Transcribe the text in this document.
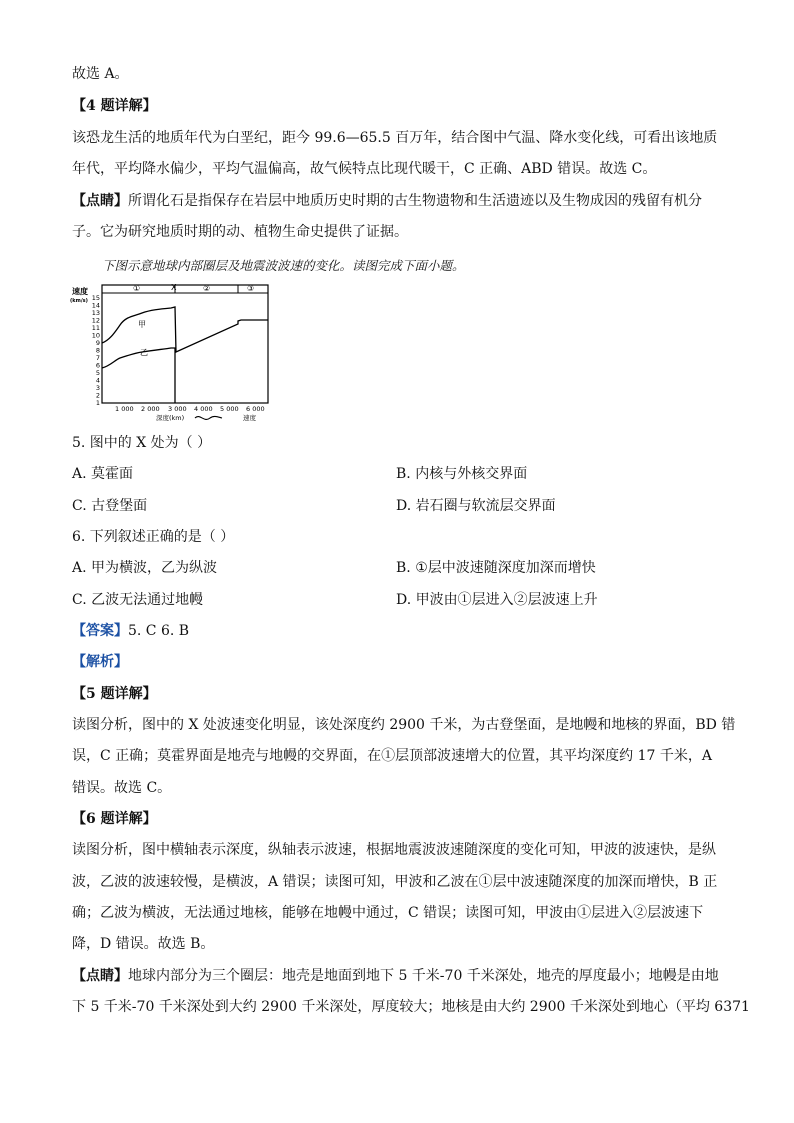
故选 A。
【4 题详解】
该恐龙生活的地质年代为白垩纪，距今 99.6—65.5 百万年，结合图中气温、降水变化线，可看出该地质
年代，平均降水偏少，平均气温偏高，故气候特点比现代暖干，C 正确、ABD 错误。故选 C。
【点睛】所谓化石是指保存在岩层中地质历史时期的古生物遗物和生活遗迹以及生物成因的残留有机分
子。它为研究地质时期的动、植物生命史提供了证据。
下图示意地球内部圈层及地震波波速的变化。读图完成下面小题。
速度
(km/s)
①	X	②	③
15
14
13
12
11
10
9
8
7
6
5
4
3
2
1
甲
乙
1 000 2 000 3 000 4 000 5 000 6 000
深度(km)	速度
5. 图中的 X 处为（ ）
A. 莫霍面	B. 内核与外核交界面
C. 古登堡面	D. 岩石圈与软流层交界面
6. 下列叙述正确的是（ ）
A. 甲为横波，乙为纵波	B. ①层中波速随深度加深而增快
C. 乙波无法通过地幔	D. 甲波由①层进入②层波速上升
【答案】5. C 6. B
【解析】
【5 题详解】
读图分析，图中的 X 处波速变化明显，该处深度约 2900 千米，为古登堡面，是地幔和地核的界面，BD 错
误，C 正确；莫霍界面是地壳与地幔的交界面，在①层顶部波速增大的位置，其平均深度约 17 千米，A
错误。故选 C。
【6 题详解】
读图分析，图中横轴表示深度，纵轴表示波速，根据地震波波速随深度的变化可知，甲波的波速快，是纵
波，乙波的波速较慢，是横波，A 错误；读图可知，甲波和乙波在①层中波速随深度的加深而增快，B 正
确；乙波为横波，无法通过地核，能够在地幔中通过，C 错误；读图可知，甲波由①层进入②层波速下
降，D 错误。故选 B。
【点睛】地球内部分为三个圈层：地壳是地面到地下 5 千米-70 千米深处，地壳的厚度最小；地幔是由地
下 5 千米-70 千米深处到大约 2900 千米深处，厚度较大；地核是由大约 2900 千米深处到地心（平均 6371
